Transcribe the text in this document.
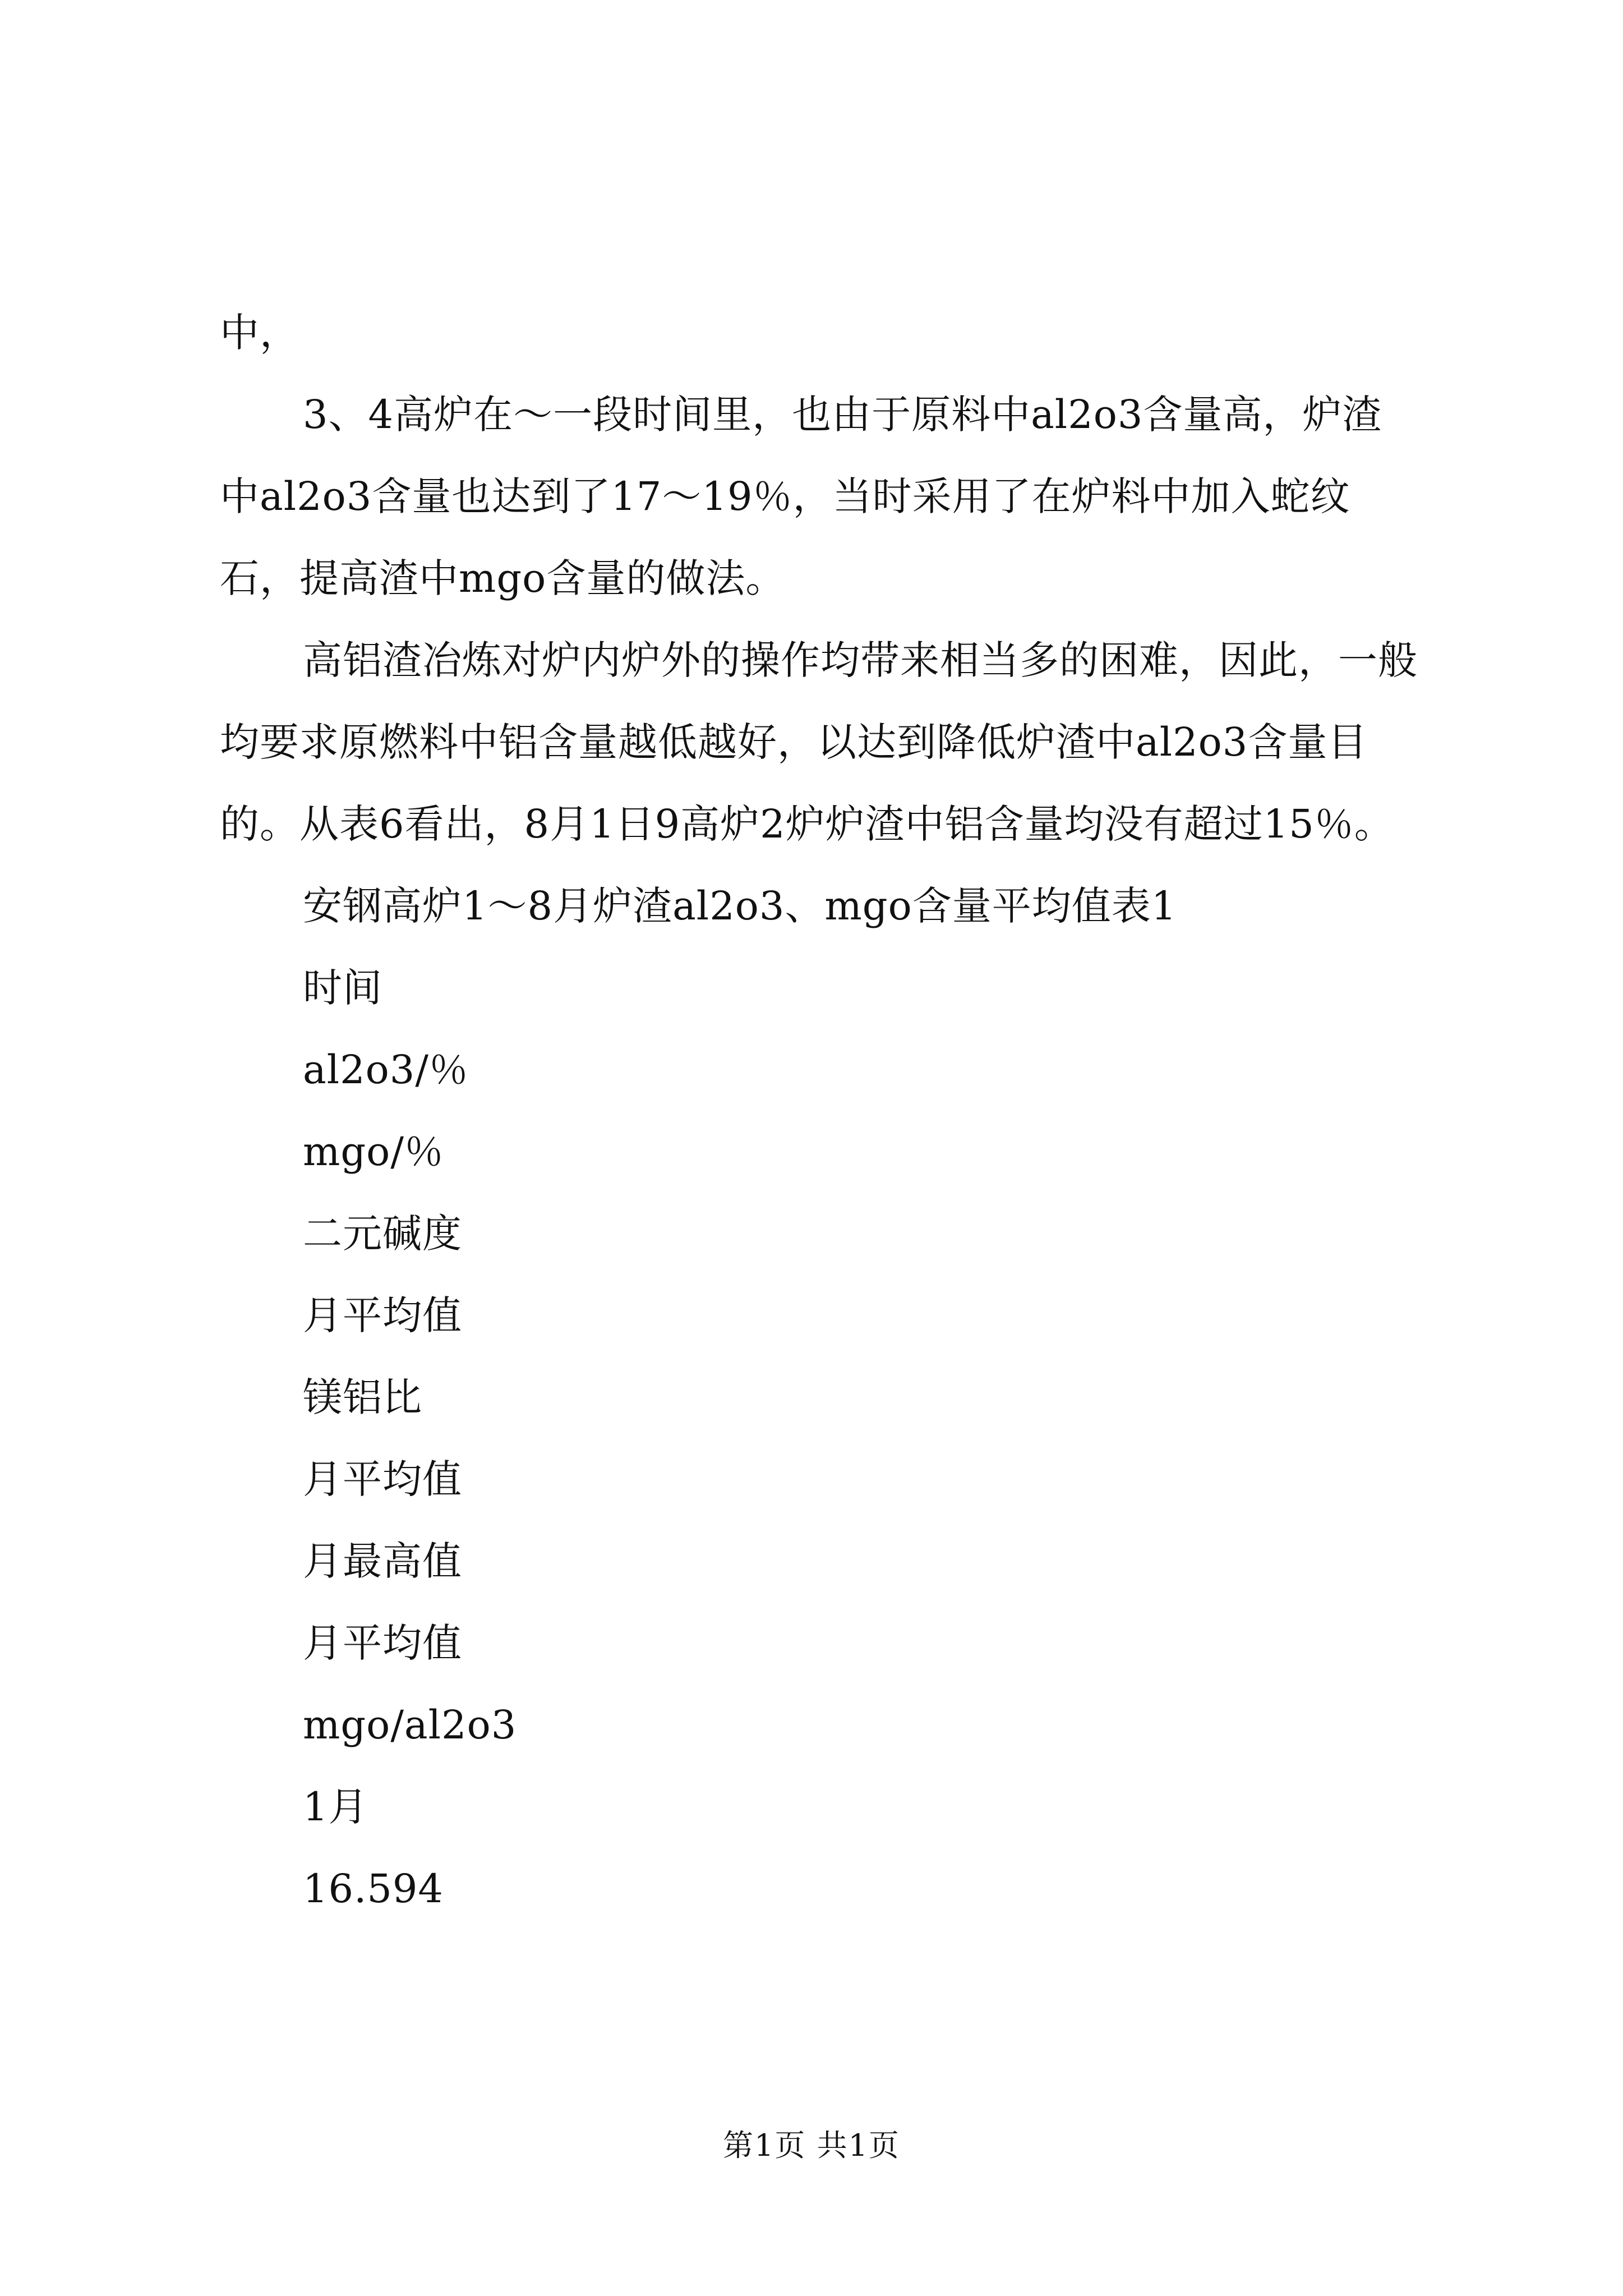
中，

3、4高炉在～一段时间里，也由于原料中al2o3含量高，炉渣中al2o3含量也达到了17～19％，当时采用了在炉料中加入蛇纹石，提高渣中mgo含量的做法。

高铝渣冶炼对炉内炉外的操作均带来相当多的困难，因此，一般均要求原燃料中铝含量越低越好，以达到降低炉渣中al2o3含量目的。从表6看出，8月1日9高炉2炉炉渣中铝含量均没有超过15％。

安钢高炉1～8月炉渣al2o3、mgo含量平均值表1

时间

al2o3/％

mgo/％

二元碱度

月平均值

镁铝比

月平均值

月最高值

月平均值

mgo/al2o3

1月

16.594

第1页 共1页
